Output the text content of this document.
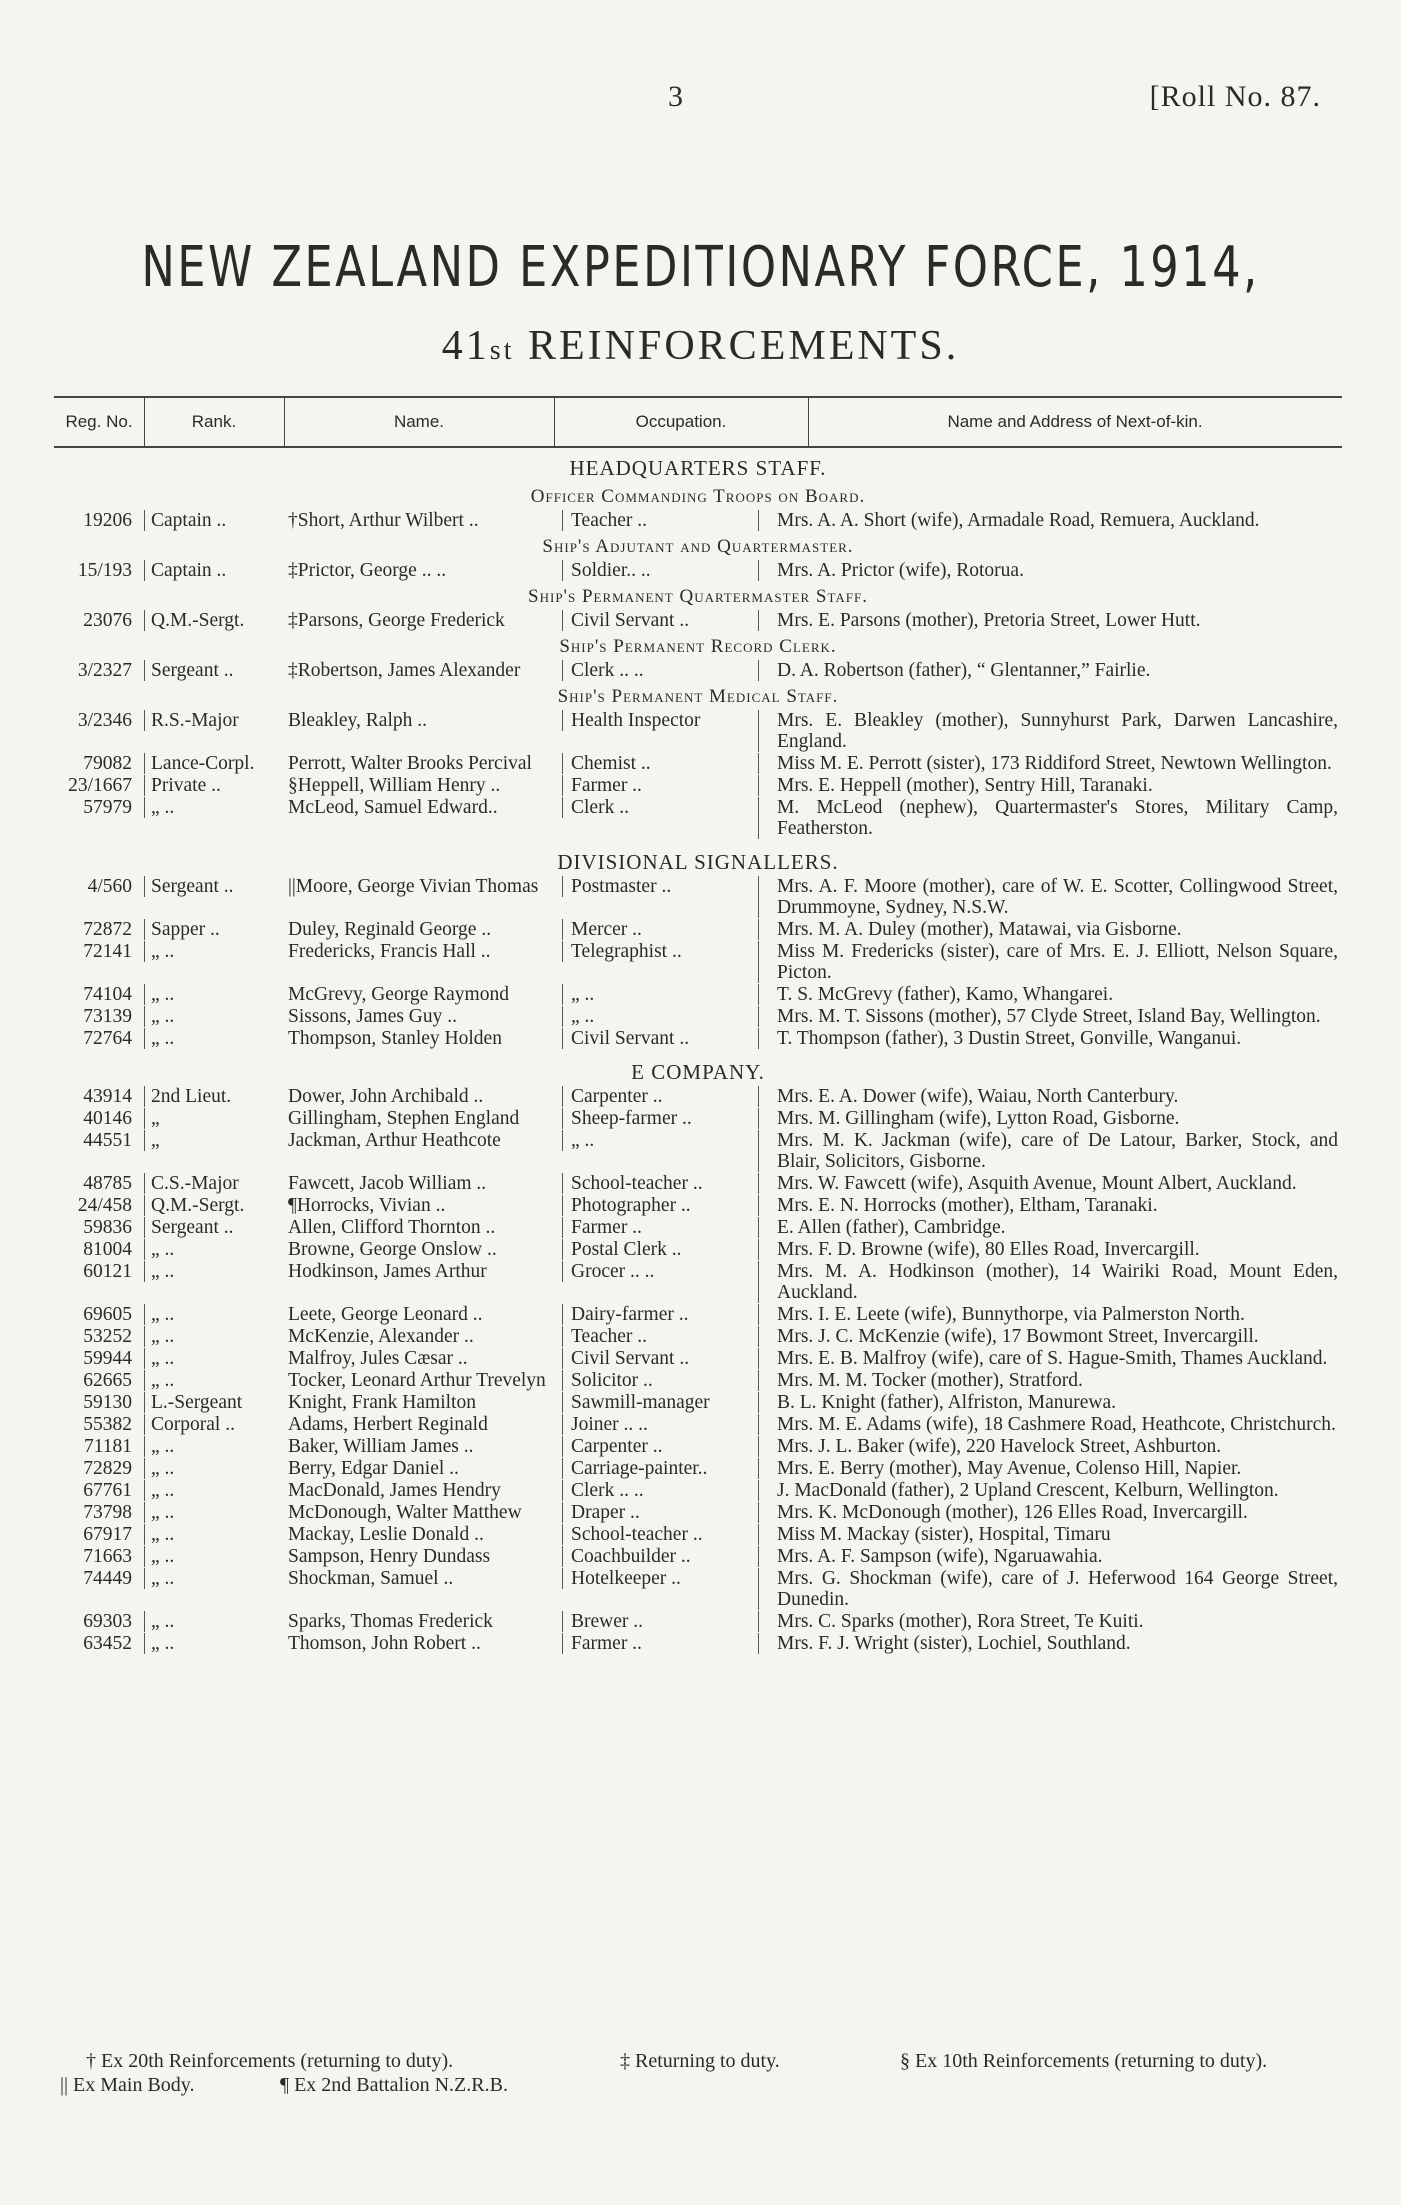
3	[Roll No. 87.
NEW ZEALAND EXPEDITIONARY FORCE, 1914,
41st REINFORCEMENTS.
Reg. No.	Rank.	Name.	Occupation.	Name and Address of Next-of-kin.
HEADQUARTERS STAFF.
Officer Commanding Troops on Board.
19206 Captain ..	†Short, Arthur Wilbert ..	Teacher ..	Mrs. A. A. Short (wife), Armadale Road, Remuera, Auckland.
Ship's Adjutant and Quartermaster.
15/193 Captain ..	‡Prictor, George .. ..	Soldier.. ..	Mrs. A. Prictor (wife), Rotorua.
Ship's Permanent Quartermaster Staff.
23076 Q.M.-Sergt.	‡Parsons, George Frederick	Civil Servant ..	Mrs. E. Parsons (mother), Pretoria Street, Lower Hutt.
Ship's Permanent Record Clerk.
3/2327 Sergeant ..	‡Robertson, James Alexander	Clerk .. ..	D. A. Robertson (father), “ Glentanner,” Fairlie.
Ship's Permanent Medical Staff.
3/2346 R.S.-Major	Bleakley, Ralph ..	Health Inspector	Mrs. E. Bleakley (mother), Sunnyhurst Park, Darwen Lancashire, England.
79082 Lance-Corpl.	Perrott, Walter Brooks Percival	Chemist ..	Miss M. E. Perrott (sister), 173 Riddiford Street, Newtown Wellington.
23/1667 Private ..	§Heppell, William Henry ..	Farmer ..	Mrs. E. Heppell (mother), Sentry Hill, Taranaki.
57979 „ ..	McLeod, Samuel Edward..	Clerk ..	M. McLeod (nephew), Quartermaster's Stores, Military Camp, Featherston.
DIVISIONAL SIGNALLERS.
4/560 Sergeant ..	||Moore, George Vivian Thomas	Postmaster ..	Mrs. A. F. Moore (mother), care of W. E. Scotter, Collingwood Street, Drummoyne, Sydney, N.S.W.
72872 Sapper ..	Duley, Reginald George ..	Mercer ..	Mrs. M. A. Duley (mother), Matawai, via Gisborne.
72141 „ ..	Fredericks, Francis Hall ..	Telegraphist ..	Miss M. Fredericks (sister), care of Mrs. E. J. Elliott, Nelson Square, Picton.
74104 „ ..	McGrevy, George Raymond	„ ..	T. S. McGrevy (father), Kamo, Whangarei.
73139 „ ..	Sissons, James Guy ..	„ ..	Mrs. M. T. Sissons (mother), 57 Clyde Street, Island Bay, Wellington.
72764 „ ..	Thompson, Stanley Holden	Civil Servant ..	T. Thompson (father), 3 Dustin Street, Gonville, Wanganui.
E COMPANY.
43914 2nd Lieut.	Dower, John Archibald ..	Carpenter ..	Mrs. E. A. Dower (wife), Waiau, North Canterbury.
40146 „	Gillingham, Stephen England	Sheep-farmer ..	Mrs. M. Gillingham (wife), Lytton Road, Gisborne.
44551 „	Jackman, Arthur Heathcote	„ ..	Mrs. M. K. Jackman (wife), care of De Latour, Barker, Stock, and Blair, Solicitors, Gisborne.
48785 C.S.-Major	Fawcett, Jacob William ..	School-teacher ..	Mrs. W. Fawcett (wife), Asquith Avenue, Mount Albert, Auckland.
24/458 Q.M.-Sergt.	¶Horrocks, Vivian ..	Photographer ..	Mrs. E. N. Horrocks (mother), Eltham, Taranaki.
59836 Sergeant ..	Allen, Clifford Thornton ..	Farmer ..	E. Allen (father), Cambridge.
81004 „ ..	Browne, George Onslow ..	Postal Clerk ..	Mrs. F. D. Browne (wife), 80 Elles Road, Invercargill.
60121 „ ..	Hodkinson, James Arthur	Grocer .. ..	Mrs. M. A. Hodkinson (mother), 14 Wairiki Road, Mount Eden, Auckland.
69605 „ ..	Leete, George Leonard ..	Dairy-farmer ..	Mrs. I. E. Leete (wife), Bunnythorpe, via Palmerston North.
53252 „ ..	McKenzie, Alexander ..	Teacher ..	Mrs. J. C. McKenzie (wife), 17 Bowmont Street, Invercargill.
59944 „ ..	Malfroy, Jules Cæsar ..	Civil Servant ..	Mrs. E. B. Malfroy (wife), care of S. Hague-Smith, Thames Auckland.
62665 „ ..	Tocker, Leonard Arthur Trevelyn	Solicitor ..	Mrs. M. M. Tocker (mother), Stratford.
59130 L.-Sergeant	Knight, Frank Hamilton	Sawmill-manager	B. L. Knight (father), Alfriston, Manurewa.
55382 Corporal ..	Adams, Herbert Reginald	Joiner .. ..	Mrs. M. E. Adams (wife), 18 Cashmere Road, Heathcote, Christchurch.
71181 „ ..	Baker, William James ..	Carpenter ..	Mrs. J. L. Baker (wife), 220 Havelock Street, Ashburton.
72829 „ ..	Berry, Edgar Daniel ..	Carriage-painter..	Mrs. E. Berry (mother), May Avenue, Colenso Hill, Napier.
67761 „ ..	MacDonald, James Hendry	Clerk .. ..	J. MacDonald (father), 2 Upland Crescent, Kelburn, Wellington.
73798 „ ..	McDonough, Walter Matthew	Draper ..	Mrs. K. McDonough (mother), 126 Elles Road, Invercargill.
67917 „ ..	Mackay, Leslie Donald ..	School-teacher ..	Miss M. Mackay (sister), Hospital, Timaru
71663 „ ..	Sampson, Henry Dundass	Coachbuilder ..	Mrs. A. F. Sampson (wife), Ngaruawahia.
74449 „ ..	Shockman, Samuel ..	Hotelkeeper ..	Mrs. G. Shockman (wife), care of J. Heferwood 164 George Street, Dunedin.
69303 „ ..	Sparks, Thomas Frederick	Brewer ..	Mrs. C. Sparks (mother), Rora Street, Te Kuiti.
63452 „ ..	Thomson, John Robert ..	Farmer ..	Mrs. F. J. Wright (sister), Lochiel, Southland.
† Ex 20th Reinforcements (returning to duty).	‡ Returning to duty.	§ Ex 10th Reinforcements (returning to duty).
|| Ex Main Body.	¶ Ex 2nd Battalion N.Z.R.B.
